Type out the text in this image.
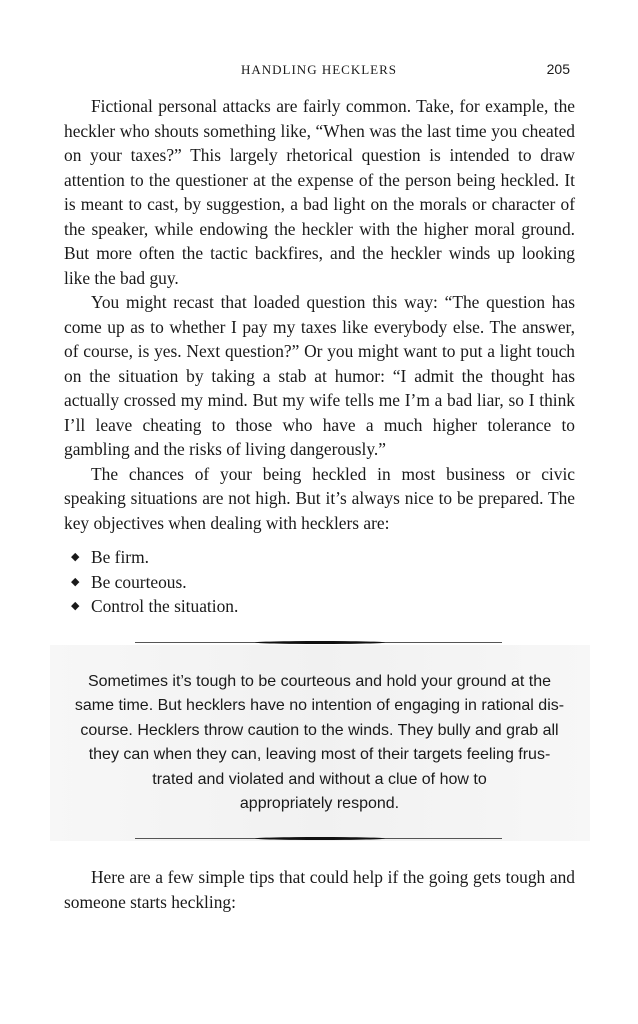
HANDLING HECKLERS	205

Fictional personal attacks are fairly common. Take, for example, the heckler who shouts something like, “When was the last time you cheated on your taxes?” This largely rhetorical question is intended to draw attention to the questioner at the expense of the person being heckled. It is meant to cast, by suggestion, a bad light on the morals or character of the speaker, while endowing the heckler with the higher moral ground. But more often the tactic backfires, and the heckler winds up looking like the bad guy.

You might recast that loaded question this way: “The question has come up as to whether I pay my taxes like everybody else. The answer, of course, is yes. Next question?” Or you might want to put a light touch on the situation by taking a stab at humor: “I admit the thought has actually crossed my mind. But my wife tells me I’m a bad liar, so I think I’ll leave cheating to those who have a much higher tolerance to gambling and the risks of living dangerously.”

The chances of your being heckled in most business or civic speaking situations are not high. But it’s always nice to be prepared. The key objectives when dealing with hecklers are:

◆ Be firm.
◆ Be courteous.
◆ Control the situation.
Sometimes it’s tough to be courteous and hold your ground at the
same time. But hecklers have no intention of engaging in rational dis-
course. Hecklers throw caution to the winds. They bully and grab all
they can when they can, leaving most of their targets feeling frus-
trated and violated and without a clue of how to
appropriately respond.

Here are a few simple tips that could help if the going gets tough and someone starts heckling:
